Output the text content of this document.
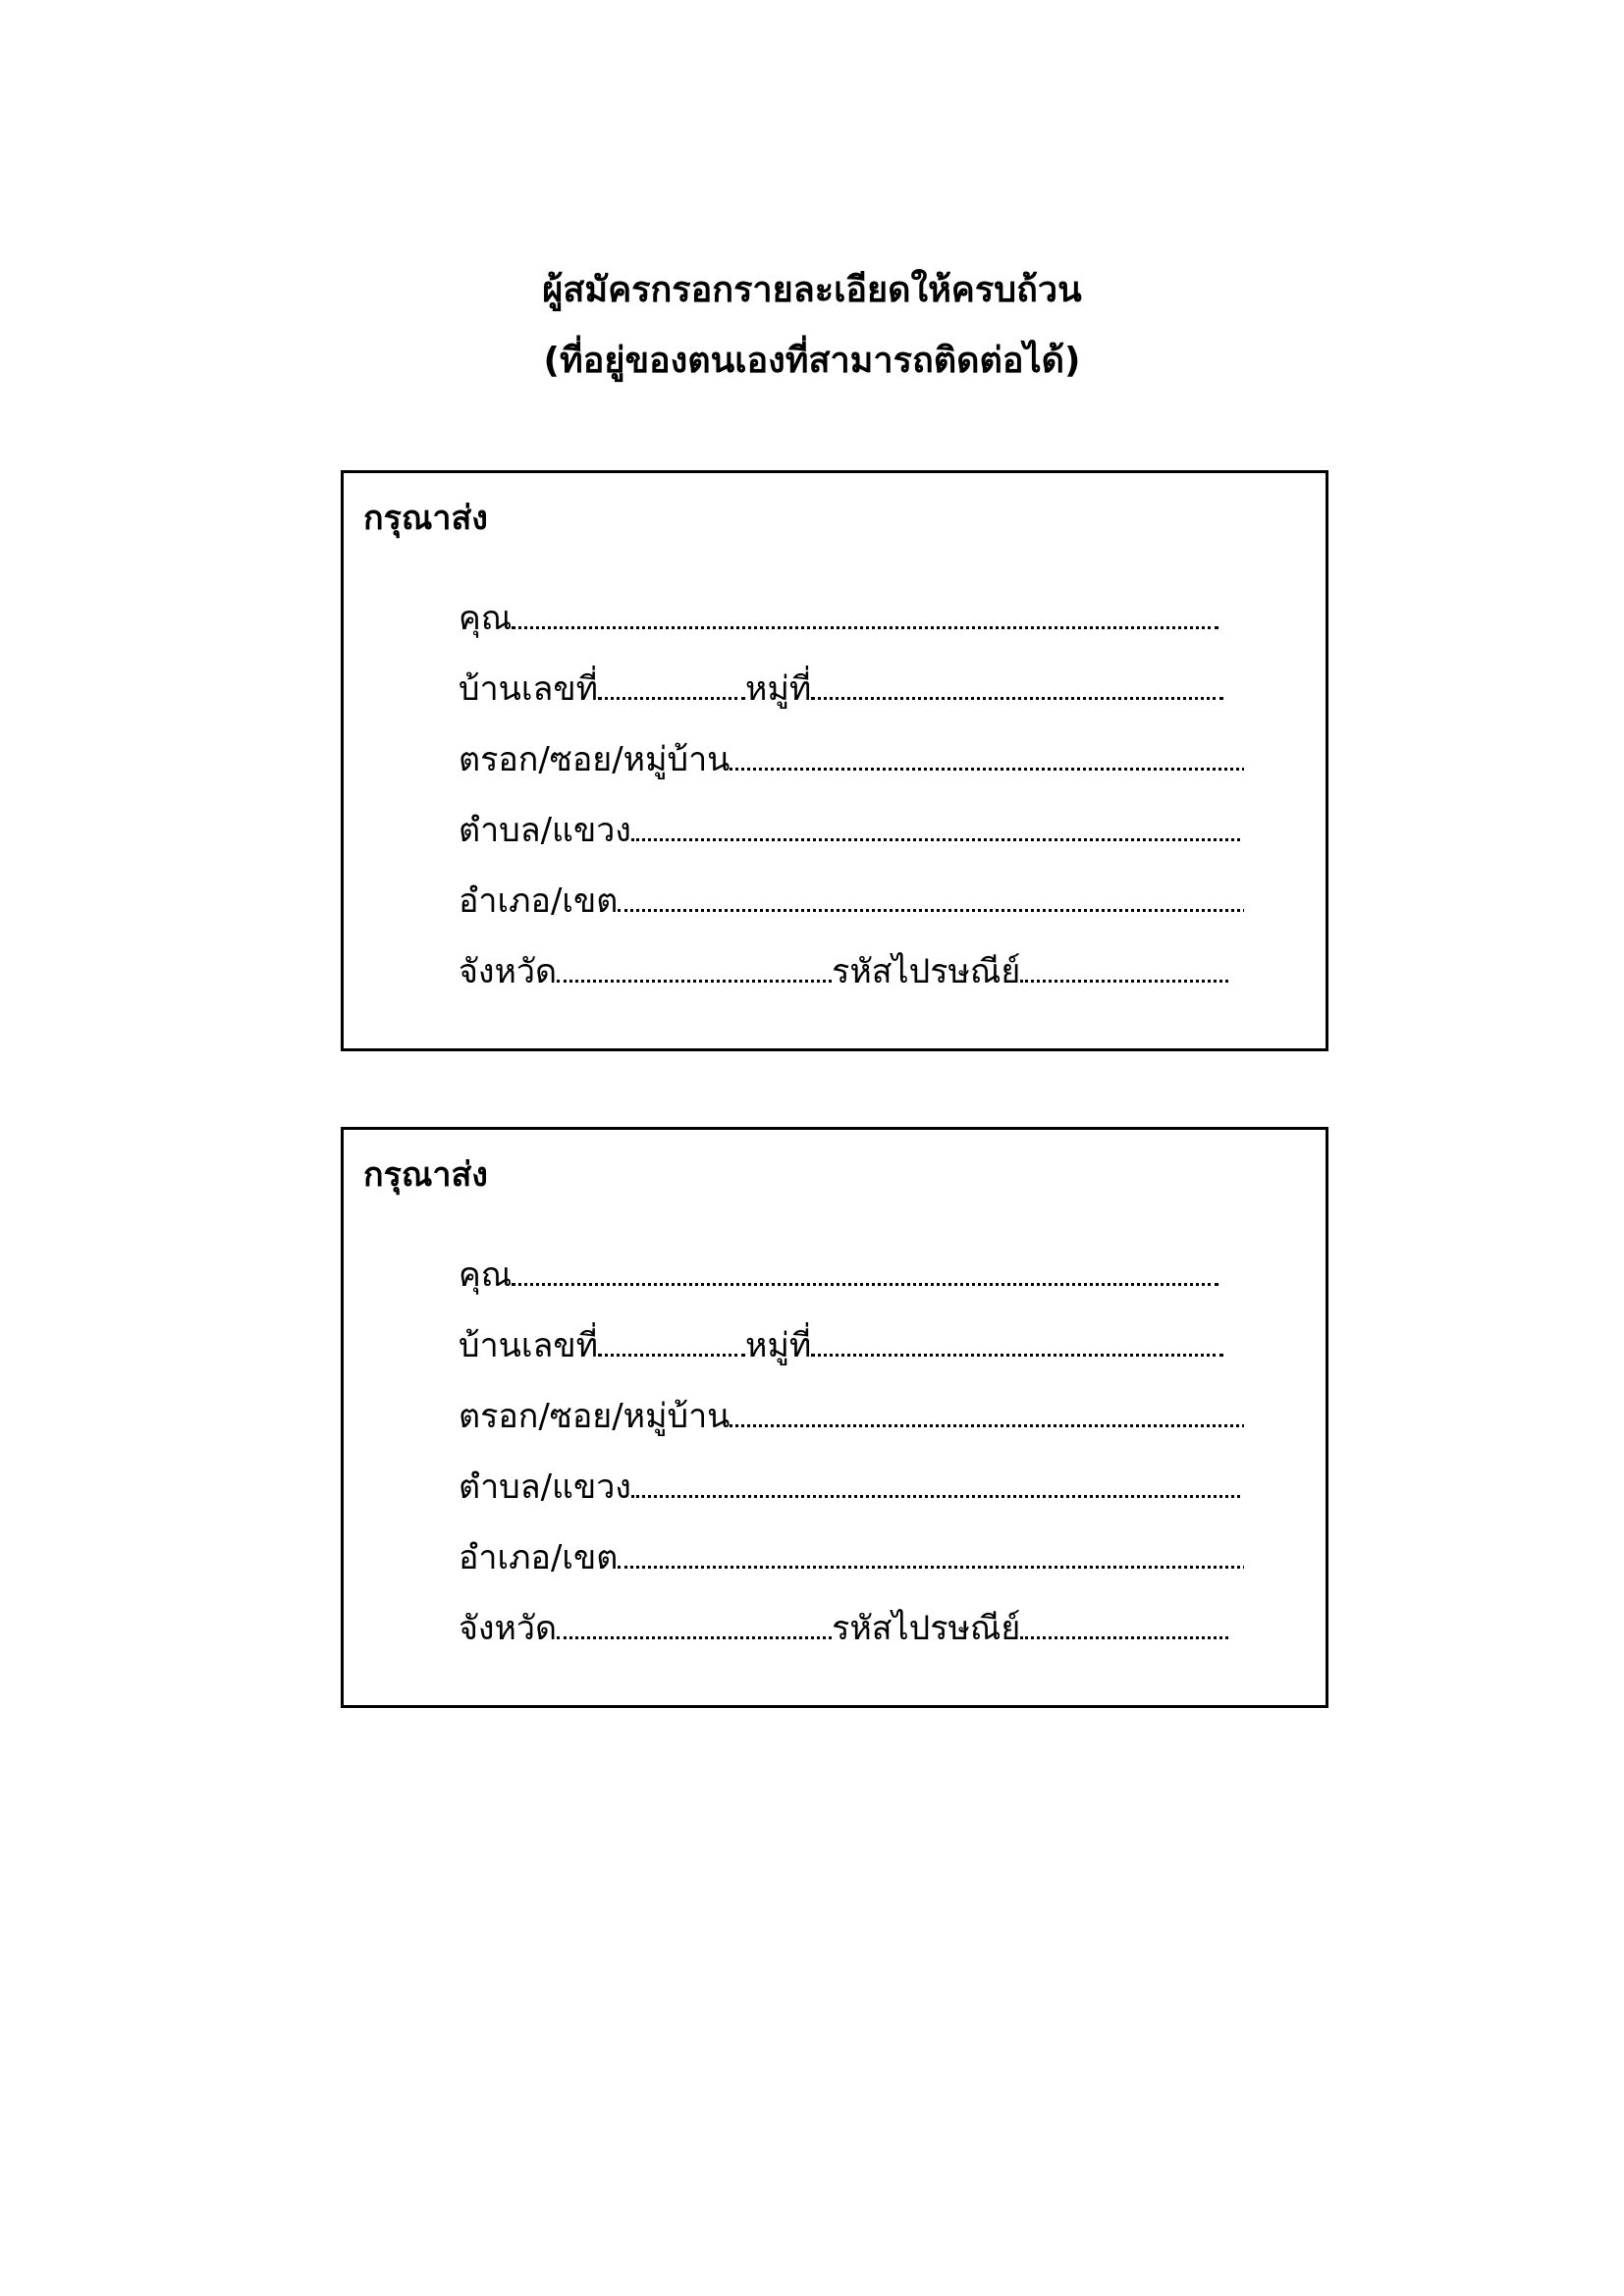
ผู้สมัครกรอกรายละเอียดให้ครบถ้วน
(ที่อยู่ของตนเองที่สามารถติดต่อได้)
กรุณาส่ง
คุณ
บ้านเลขที่	หมู่ที่
ตรอก/ซอย/หมู่บ้าน
ตำบล/แขวง
อำเภอ/เขต
จังหวัด	รหัสไปรษณีย์
กรุณาส่ง
คุณ
บ้านเลขที่	หมู่ที่
ตรอก/ซอย/หมู่บ้าน
ตำบล/แขวง
อำเภอ/เขต
จังหวัด	รหัสไปรษณีย์
